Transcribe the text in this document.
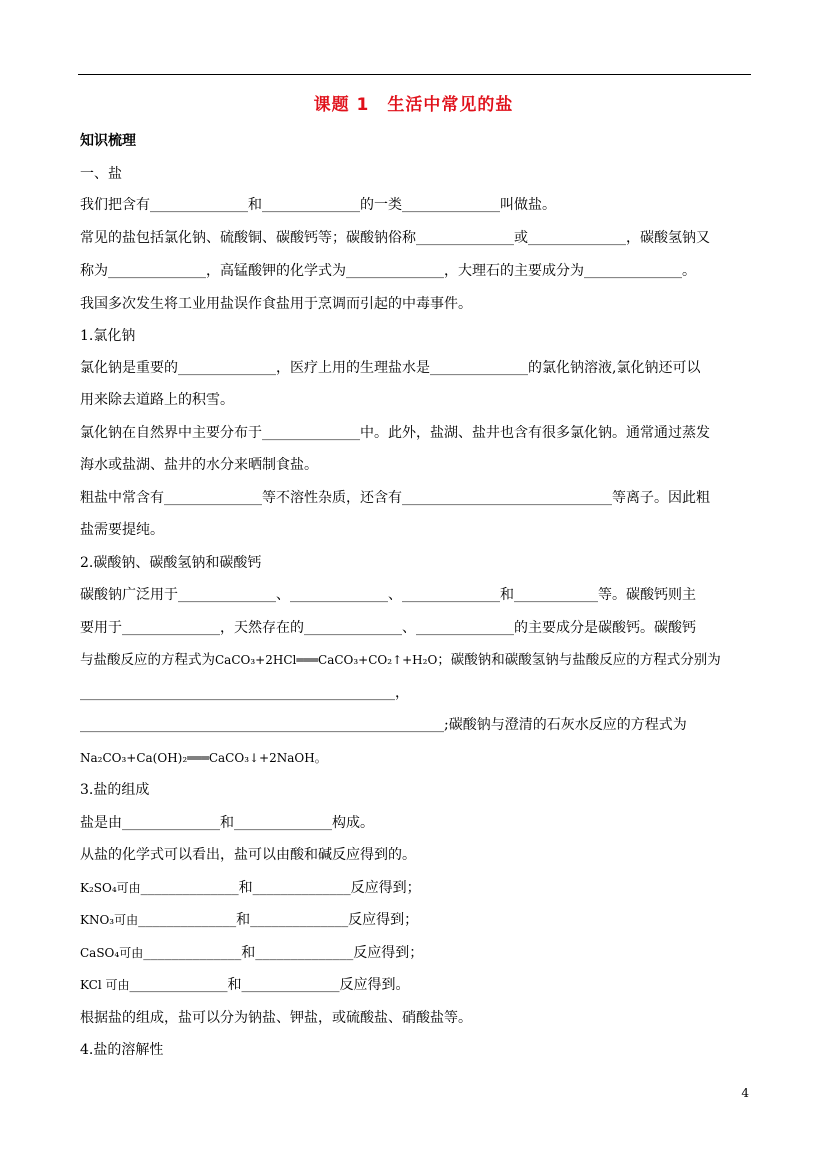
课题 1　生活中常见的盐
知识梳理
一、盐
我们把含有______________和______________的一类______________叫做盐。
常见的盐包括氯化钠、硫酸铜、碳酸钙等；碳酸钠俗称______________或______________，碳酸氢钠又
称为______________，高锰酸钾的化学式为______________，大理石的主要成分为______________。
我国多次发生将工业用盐误作食盐用于烹调而引起的中毒事件。
1.氯化钠
氯化钠是重要的______________，医疗上用的生理盐水是______________的氯化钠溶液,氯化钠还可以
用来除去道路上的积雪。
氯化钠在自然界中主要分布于______________中。此外，盐湖、盐井也含有很多氯化钠。通常通过蒸发
海水或盐湖、盐井的水分来晒制食盐。
粗盐中常含有______________等不溶性杂质，还含有______________________________等离子。因此粗
盐需要提纯。
2.碳酸钠、碳酸氢钠和碳酸钙
碳酸钠广泛用于______________、______________、______________和____________等。碳酸钙则主
要用于______________，天然存在的______________、______________的主要成分是碳酸钙。碳酸钙
与盐酸反应的方程式为CaCO₃+2HCl═══CaCO₃+CO₂↑+H₂O；碳酸钠和碳酸氢钠与盐酸反应的方程式分别为
_____________________________________________，
____________________________________________________;碳酸钠与澄清的石灰水反应的方程式为
Na₂CO₃+Ca(OH)₂═══CaCO₃↓+2NaOH。
3.盐的组成
盐是由______________和______________构成。
从盐的化学式可以看出，盐可以由酸和碱反应得到的。
K₂SO₄可由______________和______________反应得到；
KNO₃可由______________和______________反应得到；
CaSO₄可由______________和______________反应得到；
KCl 可由______________和______________反应得到。
根据盐的组成，盐可以分为钠盐、钾盐，或硫酸盐、硝酸盐等。
4.盐的溶解性
4
